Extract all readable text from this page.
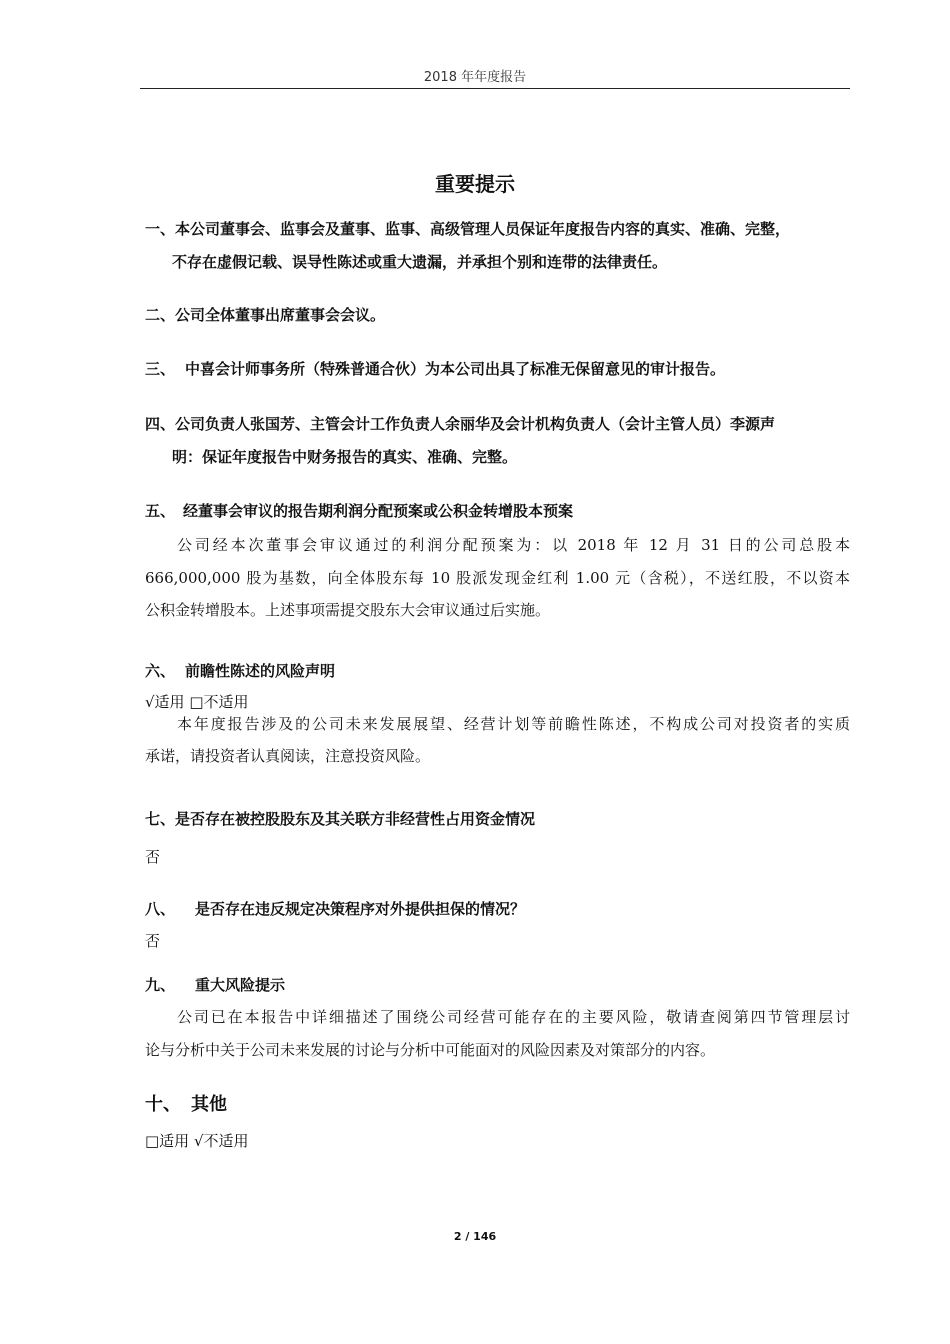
2018 年年度报告
重要提示
一、本公司董事会、监事会及董事、监事、高级管理人员保证年度报告内容的真实、准确、完整，
不存在虚假记载、误导性陈述或重大遗漏，并承担个别和连带的法律责任。
二、公司全体董事出席董事会会议。
三、 中喜会计师事务所（特殊普通合伙）为本公司出具了标准无保留意见的审计报告。
四、公司负责人张国芳、主管会计工作负责人余丽华及会计机构负责人（会计主管人员）李源声
明：保证年度报告中财务报告的真实、准确、完整。
五、 经董事会审议的报告期利润分配预案或公积金转增股本预案
公司经本次董事会审议通过的利润分配预案为：以 2018 年 12 月 31 日的公司总股本
666,000,000 股为基数，向全体股东每 10 股派发现金红利 1.00 元（含税），不送红股，不以资本
公积金转增股本。上述事项需提交股东大会审议通过后实施。
六、 前瞻性陈述的风险声明
√适用 □不适用
本年度报告涉及的公司未来发展展望、经营计划等前瞻性陈述，不构成公司对投资者的实质
承诺，请投资者认真阅读，注意投资风险。
七、是否存在被控股股东及其关联方非经营性占用资金情况
否
八、 是否存在违反规定决策程序对外提供担保的情况？
否
九、 重大风险提示
公司已在本报告中详细描述了围绕公司经营可能存在的主要风险，敬请查阅第四节管理层讨
论与分析中关于公司未来发展的讨论与分析中可能面对的风险因素及对策部分的内容。
十、 其他
□适用 √不适用
2 / 146
